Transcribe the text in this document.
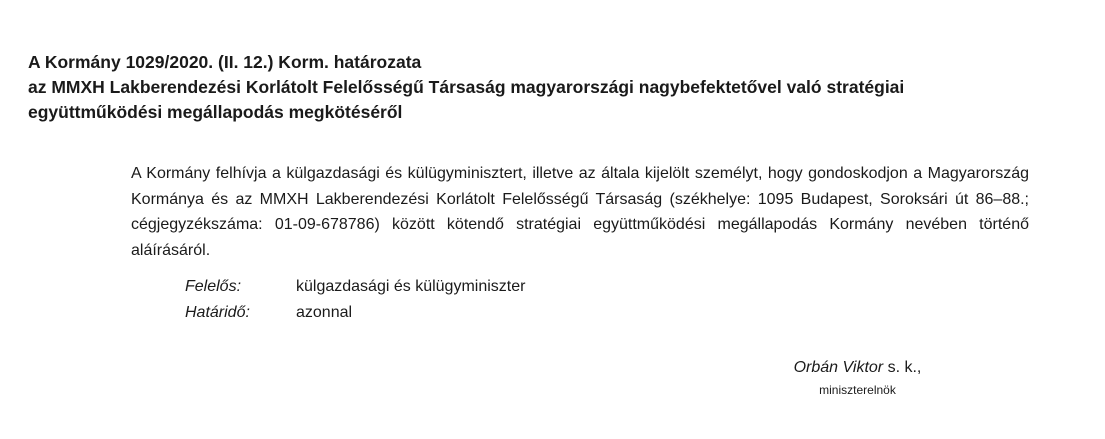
A Kormány 1029/2020. (II. 12.) Korm. határozata
az MMXH Lakberendezési Korlátolt Felelősségű Társaság magyarországi nagybefektetővel való stratégiai
együttműködési megállapodás megkötéséről
A Kormány felhívja a külgazdasági és külügyminisztert, illetve az általa kijelölt személyt, hogy gondoskodjon a Magyarország Kormánya és az MMXH Lakberendezési Korlátolt Felelősségű Társaság (székhelye: 1095 Budapest, Soroksári út 86–88.; cégjegyzékszáma: 01-09-678786) között kötendő stratégiai együttműködési megállapodás Kormány nevében történő aláírásáról.
Felelős:	külgazdasági és külügyminiszter
Határidő:	azonnal
Orbán Viktor s. k.,
miniszterelnök
